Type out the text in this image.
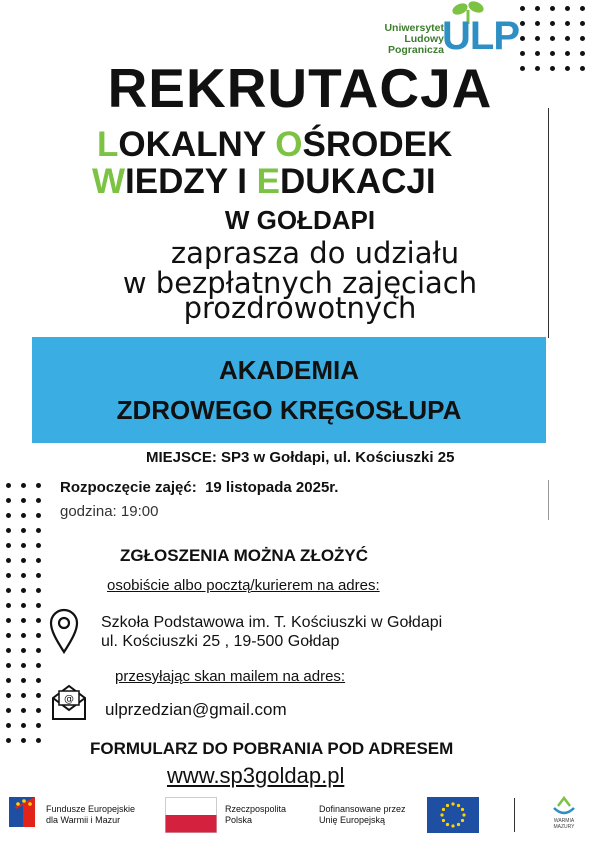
Uniwersytet
Ludowy
Pogranicza
ULP
REKRUTACJA
LOKALNY OŚRODEK
WIEDZY I EDUKACJI
W GOŁDAPI
zaprasza do udziału
w bezpłatnych zajęciach
prozdrowotnych
AKADEMIA
ZDROWEGO KRĘGOSŁUPA
MIEJSCE: SP3 w Gołdapi, ul. Kościuszki 25
Rozpoczęcie zajęć: 19 listopada 2025r.
godzina: 19:00
ZGŁOSZENIA MOŻNA ZŁOŻYĆ
osobiście albo pocztą/kurierem na adres:
Szkoła Podstawowa im. T. Kościuszki w Gołdapi
ul. Kościuszki 25 , 19-500 Gołdap
przesyłając skan mailem na adres:
@
ulprzedzian@gmail.com
FORMULARZ DO POBRANIA POD ADRESEM
www.sp3goldap.pl
Fundusze Europejskie
dla Warmii i Mazur
Rzeczpospolita
Polska
Dofinansowane przez
Unię Europejską	WARMIA
MAZURY
